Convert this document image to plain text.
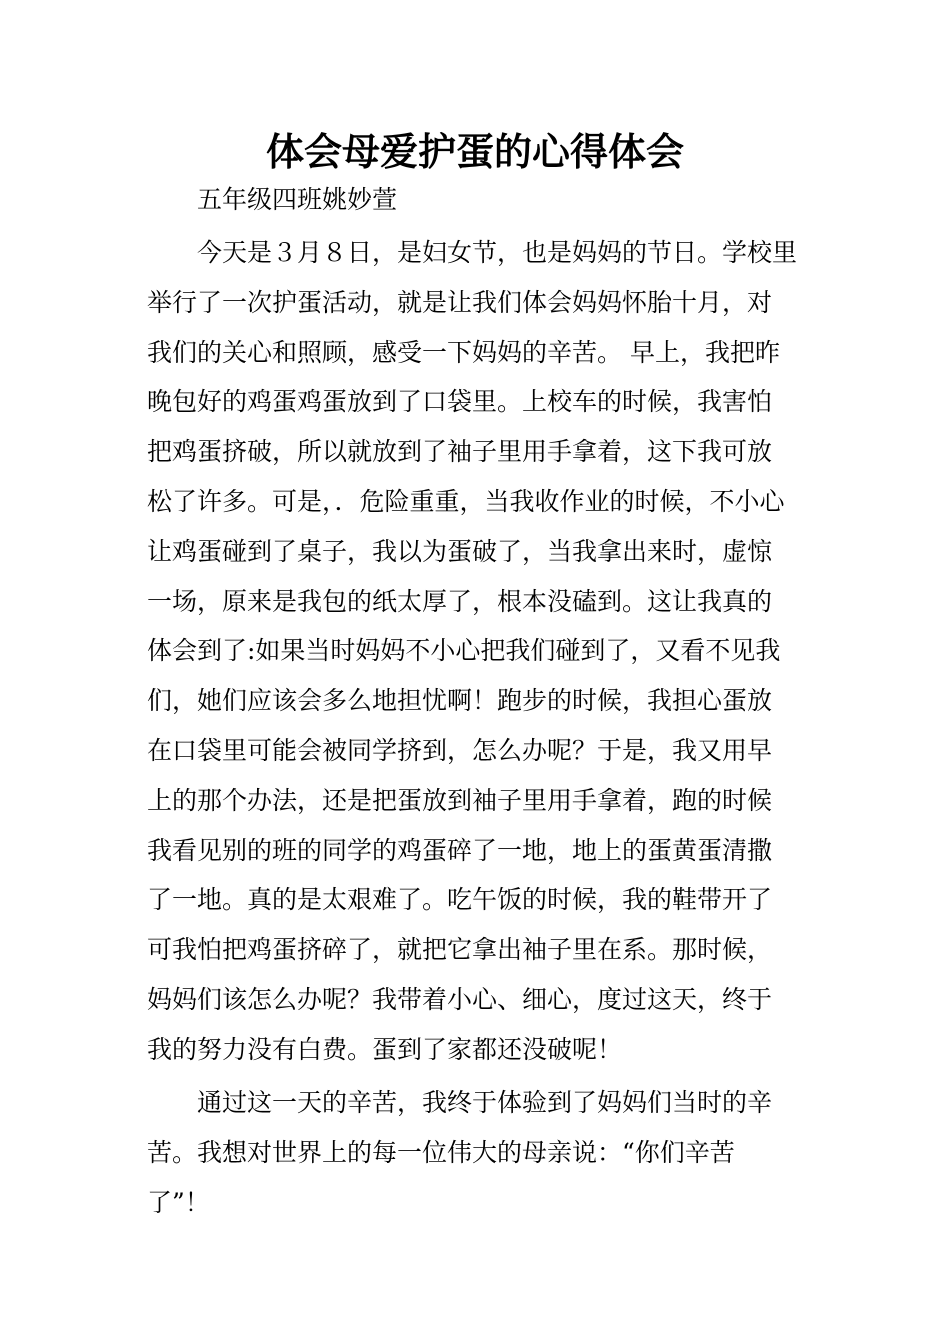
体会母爱护蛋的心得体会

五年级四班姚妙萱

今天是３月８日，是妇女节，也是妈妈的节日。学校里
举行了一次护蛋活动，就是让我们体会妈妈怀胎十月，对
我们的关心和照顾，感受一下妈妈的辛苦。 早上，我把昨
晚包好的鸡蛋鸡蛋放到了口袋里。上校车的时候，我害怕
把鸡蛋挤破，所以就放到了袖子里用手拿着，这下我可放
松了许多。可是，．危险重重，当我收作业的时候，不小心
让鸡蛋碰到了桌子，我以为蛋破了，当我拿出来时，虚惊
一场，原来是我包的纸太厚了，根本没磕到。这让我真的
体会到了:如果当时妈妈不小心把我们碰到了，又看不见我
们，她们应该会多么地担忧啊！跑步的时候，我担心蛋放
在口袋里可能会被同学挤到，怎么办呢？于是，我又用早
上的那个办法，还是把蛋放到袖子里用手拿着，跑的时候
我看见别的班的同学的鸡蛋碎了一地，地上的蛋黄蛋清撒
了一地。真的是太艰难了。吃午饭的时候，我的鞋带开了
可我怕把鸡蛋挤碎了，就把它拿出袖子里在系。那时候，
妈妈们该怎么办呢？我带着小心、细心，度过这天，终于
我的努力没有白费。蛋到了家都还没破呢！
通过这一天的辛苦，我终于体验到了妈妈们当时的辛
苦。我想对世界上的每一位伟大的母亲说：“你们辛苦
了”！
